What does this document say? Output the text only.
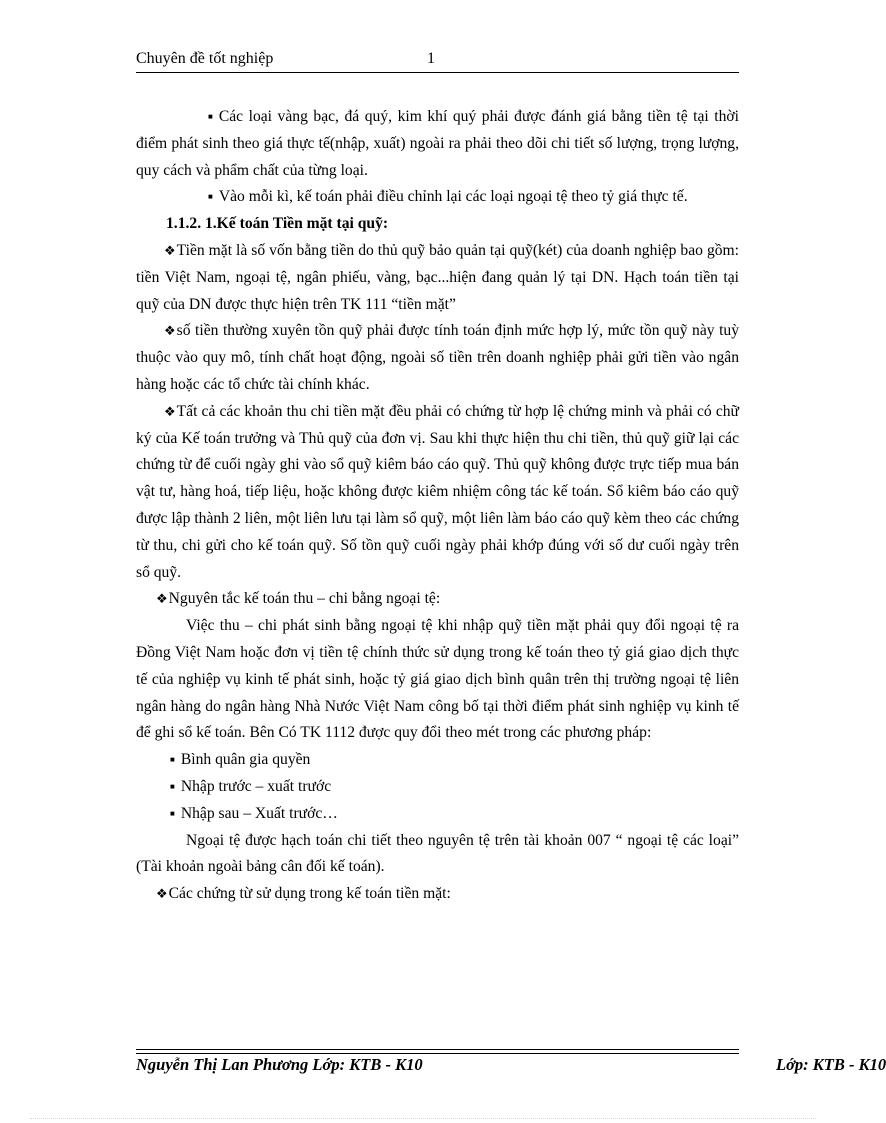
Chuyên đề tốt nghiệp	1

■ Các loại vàng bạc, đá quý, kim khí quý phải được đánh giá bằng tiền tệ tại thời điểm phát sinh theo giá thực tế(nhập, xuất) ngoài ra phải theo dõi chi tiết số lượng, trọng lượng, quy cách và phẩm chất của từng loại.

■ Vào mỗi kì, kế toán phải điều chỉnh lại các loại ngoại tệ theo tỷ giá thực tế.

1.1.2. 1.Kế toán Tiền mặt tại quỹ:

❖Tiền mặt là số vốn bằng tiền do thủ quỹ bảo quản tại quỹ(két) của doanh nghiệp bao gồm: tiền Việt Nam, ngoại tệ, ngân phiếu, vàng, bạc...hiện đang quản lý tại DN. Hạch toán tiền tại quỹ của DN được thực hiện trên TK 111 “tiền mặt”

❖số tiền thường xuyên tồn quỹ phải được tính toán định mức hợp lý, mức tồn quỹ này tuỳ thuộc vào quy mô, tính chất hoạt động, ngoài số tiền trên doanh nghiệp phải gửi tiền vào ngân hàng hoặc các tổ chức tài chính khác.

❖Tất cả các khoản thu chi tiền mặt đều phải có chứng từ hợp lệ chứng minh và phải có chữ ký của Kế toán trưởng và Thủ quỹ của đơn vị. Sau khi thực hiện thu chi tiền, thủ quỹ giữ lại các chứng từ để cuối ngày ghi vào sổ quỹ kiêm báo cáo quỹ. Thủ quỹ không được trực tiếp mua bán vật tư, hàng hoá, tiếp liệu, hoặc không được kiêm nhiệm công tác kế toán. Sổ kiêm báo cáo quỹ được lập thành 2 liên, một liên lưu tại làm sổ quỹ, một liên làm báo cáo quỹ kèm theo các chứng từ thu, chi gửi cho kế toán quỹ. Số tồn quỹ cuối ngày phải khớp đúng với số dư cuối ngày trên sổ quỹ.

❖Nguyên tắc kế toán thu – chi bằng ngoại tệ:

Việc thu – chi phát sinh bằng ngoại tệ khi nhập quỹ tiền mặt phải quy đổi ngoại tệ ra Đồng Việt Nam hoặc đơn vị tiền tệ chính thức sử dụng trong kế toán theo tỷ giá giao dịch thực tế của nghiệp vụ kinh tế phát sinh, hoặc tỷ giá giao dịch bình quân trên thị trường ngoại tệ liên ngân hàng do ngân hàng Nhà Nước Việt Nam công bố tại thời điểm phát sinh nghiệp vụ kinh tế để ghi sổ kế toán. Bên Có TK 1112 được quy đổi theo mét trong các phương pháp:

■ Bình quân gia quyền

■ Nhập trước – xuất trước

■ Nhập sau – Xuất trước…

Ngoại tệ được hạch toán chi tiết theo nguyên tệ trên tài khoản 007 “ ngoại tệ các loại” (Tài khoản ngoài bảng cân đối kế toán).

❖Các chứng từ sử dụng trong kế toán tiền mặt:

Nguyễn Thị Lan Phương Lớp: KTB - K10	Lớp: KTB - K10
